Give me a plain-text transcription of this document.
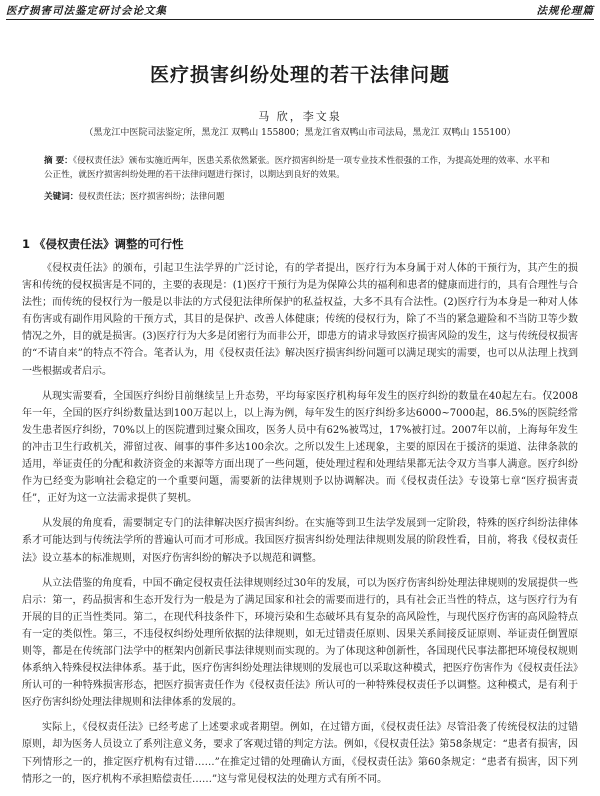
医疗损害司法鉴定研讨会论文集	法规伦理篇
医疗损害纠纷处理的若干法律问题
马 欣，李文泉
（黑龙江中医院司法鉴定所，黑龙江 双鸭山 155800；黑龙江省双鸭山市司法局，黑龙江 双鸭山 155100）
摘 要：《侵权责任法》颁布实施近两年，医患关系依然紧张。医疗损害纠纷是一项专业技术性很强的工作，为提高处理的效率、水平和公正性，就医疗损害纠纷处理的若干法律问题进行探讨，以期达到良好的效果。
关键词：侵权责任法；医疗损害纠纷；法律问题
1 《侵权责任法》调整的可行性

《侵权责任法》的颁布，引起卫生法学界的广泛讨论，有的学者提出，医疗行为本身属于对人体的干预行为，其产生的损害和传统的侵权损害是不同的，主要的表现是：(1)医疗干预行为是为保障公共的福利和患者的健康而进行的，具有合理性与合法性；而传统的侵权行为一般是以非法的方式侵犯法律所保护的私益权益，大多不具有合法性。(2)医疗行为本身是一种对人体有伤害或有副作用风险的干预方式，其目的是保护、改善人体健康；传统的侵权行为，除了不当的紧急避险和不当防卫等少数情况之外，目的就是损害。(3)医疗行为大多是闭密行为而非公开，即患方的请求导致医疗损害风险的发生，这与传统侵权损害的“不请自来”的特点不符合。笔者认为，用《侵权责任法》解决医疗损害纠纷问题可以满足现实的需要，也可以从法理上找到一些根据或者启示。

从现实需要看，全国医疗纠纷目前继续呈上升态势，平均每家医疗机构每年发生的医疗纠纷的数量在40起左右。仅2008年一年，全国的医疗纠纷数量达到100万起以上，以上海为例，每年发生的医疗纠纷多达6000~7000起，86.5%的医院经常发生患者医疗纠纷，70%以上的医院遭到过聚众围攻，医务人员中有62%被骂过，17%被打过。2007年以前，上海每年发生的冲击卫生行政机关，滞留过夜、闹事的事件多达100余次。之所以发生上述现象，主要的原因在于援济的渠道、法律条款的适用，举证责任的分配和救济资金的来源等方面出现了一些问题，使处理过程和处理结果都无法令双方当事人满意。医疗纠纷作为已经变为影响社会稳定的一个重要问题，需要新的法律规则予以协调解决。而《侵权责任法》专设第七章“医疗损害责任”，正好为这一立法需求提供了契机。

从发展的角度看，需要制定专门的法律解决医疗损害纠纷。在实施等到卫生法学发展到一定阶段，特殊的医疗纠纷法律体系才可能达到与传统法学所的普遍认可而才可形成。我国医疗损害纠纷处理法律规则发展的阶段性看，目前，将我《侵权责任法》设立基本的标准规则，对医疗伤害纠纷的解决予以规范和调整。

从立法借鉴的角度看，中国不确定侵权责任法律规则经过30年的发展，可以为医疗伤害纠纷处理法律规则的发展提供一些启示：第一，药品损害和生态开发行为一般是为了满足国家和社会的需要而进行的，具有社会正当性的特点，这与医疗行为有开展的目的正当性类同。第二，在现代科技条件下，环境污染和生态破坏具有复杂的高风险性，与现代医疗伤害的高风险特点有一定的类似性。第三，不违侵权纠纷处理所依据的法律规则，如无过错责任原则、因果关系间接反证原则、举证责任倒置原则等，都是在传统部门法学中的框架内创新民事法律规则而实现的。为了体现这种创新性，各国现代民事法都把环境侵权规则体系纳入特殊侵权法律体系。基于此，医疗伤害纠纷处理法律规则的发展也可以采取这种模式，把医疗伤害作为《侵权责任法》所认可的一种特殊损害形态，把医疗损害责任作为《侵权责任法》所认可的一种特殊侵权责任予以调整。这种模式，是有利于医疗伤害纠纷处理法律规则和法律体系的发展的。

实际上，《侵权责任法》已经考虑了上述要求或者期望。例如，在过错方面，《侵权责任法》尽管沿袭了传统侵权法的过错原则，却为医务人员设立了系列注意义务，要求了客观过错的判定方法。例如，《侵权责任法》第58条规定：“患者有损害，因下列情形之一的，推定医疗机构有过错……”在推定过错的处理确认方面，《侵权责任法》第60条规定：“患者有损害，因下列情形之一的，医疗机构不承担赔偿责任……”这与常见侵权法的处理方式有所不同。
